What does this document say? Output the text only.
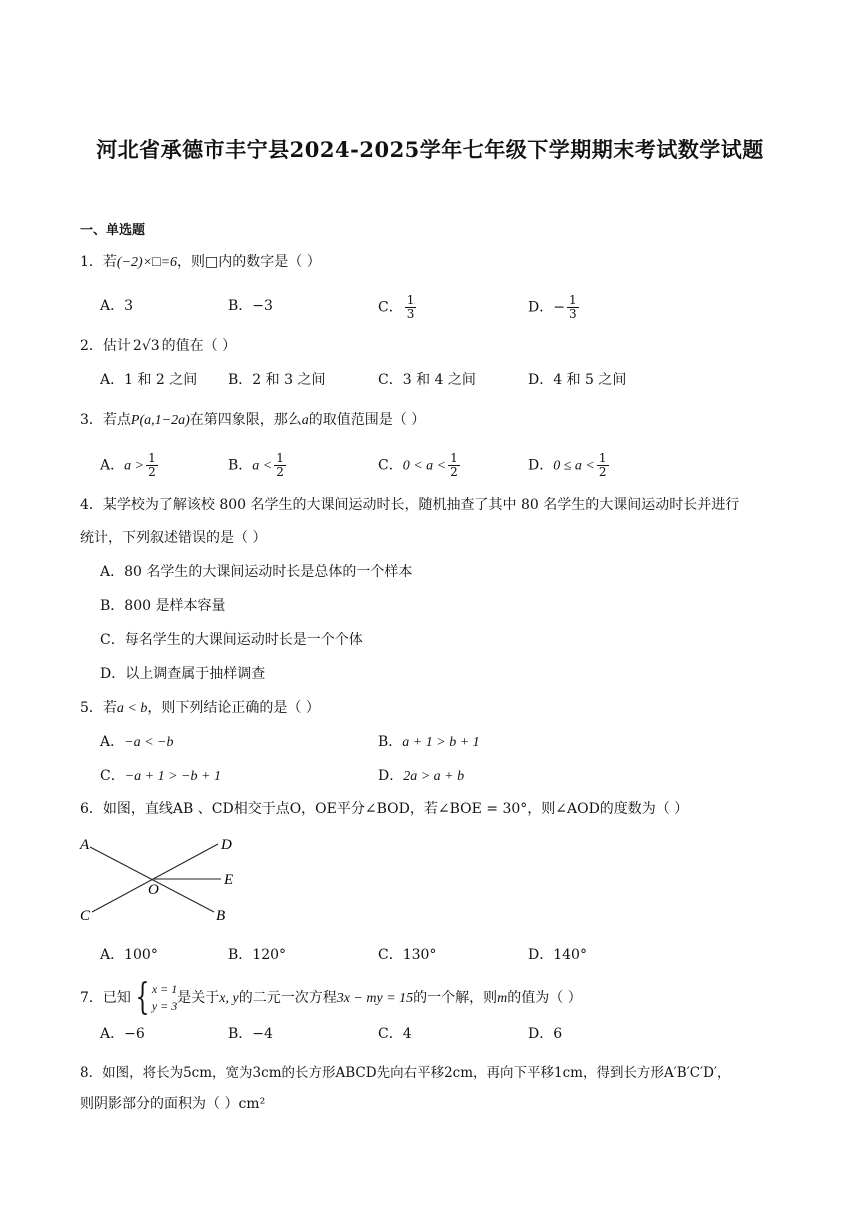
河北省承德市丰宁县2024-2025学年七年级下学期期末考试数学试题
一、单选题
1．若(−2)×□=6，则□内的数字是（ ）
A．3	B．−3	C． $\frac{1}{3}$	D．− $\frac{1}{3}$
2．估计 2√3 的值在（ ）
A．1 和 2 之间 B．2 和 3 之间	C．3 和 4 之间	D．4 和 5 之间
3．若点P(a,1−2a)在第四象限，那么a的取值范围是（ ）
A．$a > \frac{1}{2}$	B．$a < \frac{1}{2}$	C．$0 < a < \frac{1}{2}$	D．$0 \le a < \frac{1}{2}$
4．某学校为了解该校 800 名学生的大课间运动时长，随机抽查了其中 80 名学生的大课间运动时长并进行
统计，下列叙述错误的是（ ）
A．80 名学生的大课间运动时长是总体的一个样本
B．800 是样本容量
C．每名学生的大课间运动时长是一个个体
D．以上调查属于抽样调查
5．若a < b，则下列结论正确的是（ ）
A．−a < −b	B．a + 1 > b + 1
C．−a + 1 > −b + 1	D．2a > a + b
6．如图，直线AB 、CD相交于点O，OE平分∠BOD，若∠BOE = 30°，则∠AOD的度数为（ ）
A	D
E
O
C	B
A．100°	B．120°	C．130°	D．140°
7．已知 { x = 1
y = 3 是关于x, y的二元一次方程3x − my = 15的一个解，则m的值为（ ）
A．−6	B．−4	C．4	D．6
8．如图，将长为5cm，宽为3cm的长方形ABCD先向右平移2cm，再向下平移1cm，得到长方形A′B′C′D′，
则阴影部分的面积为（ ）cm²
